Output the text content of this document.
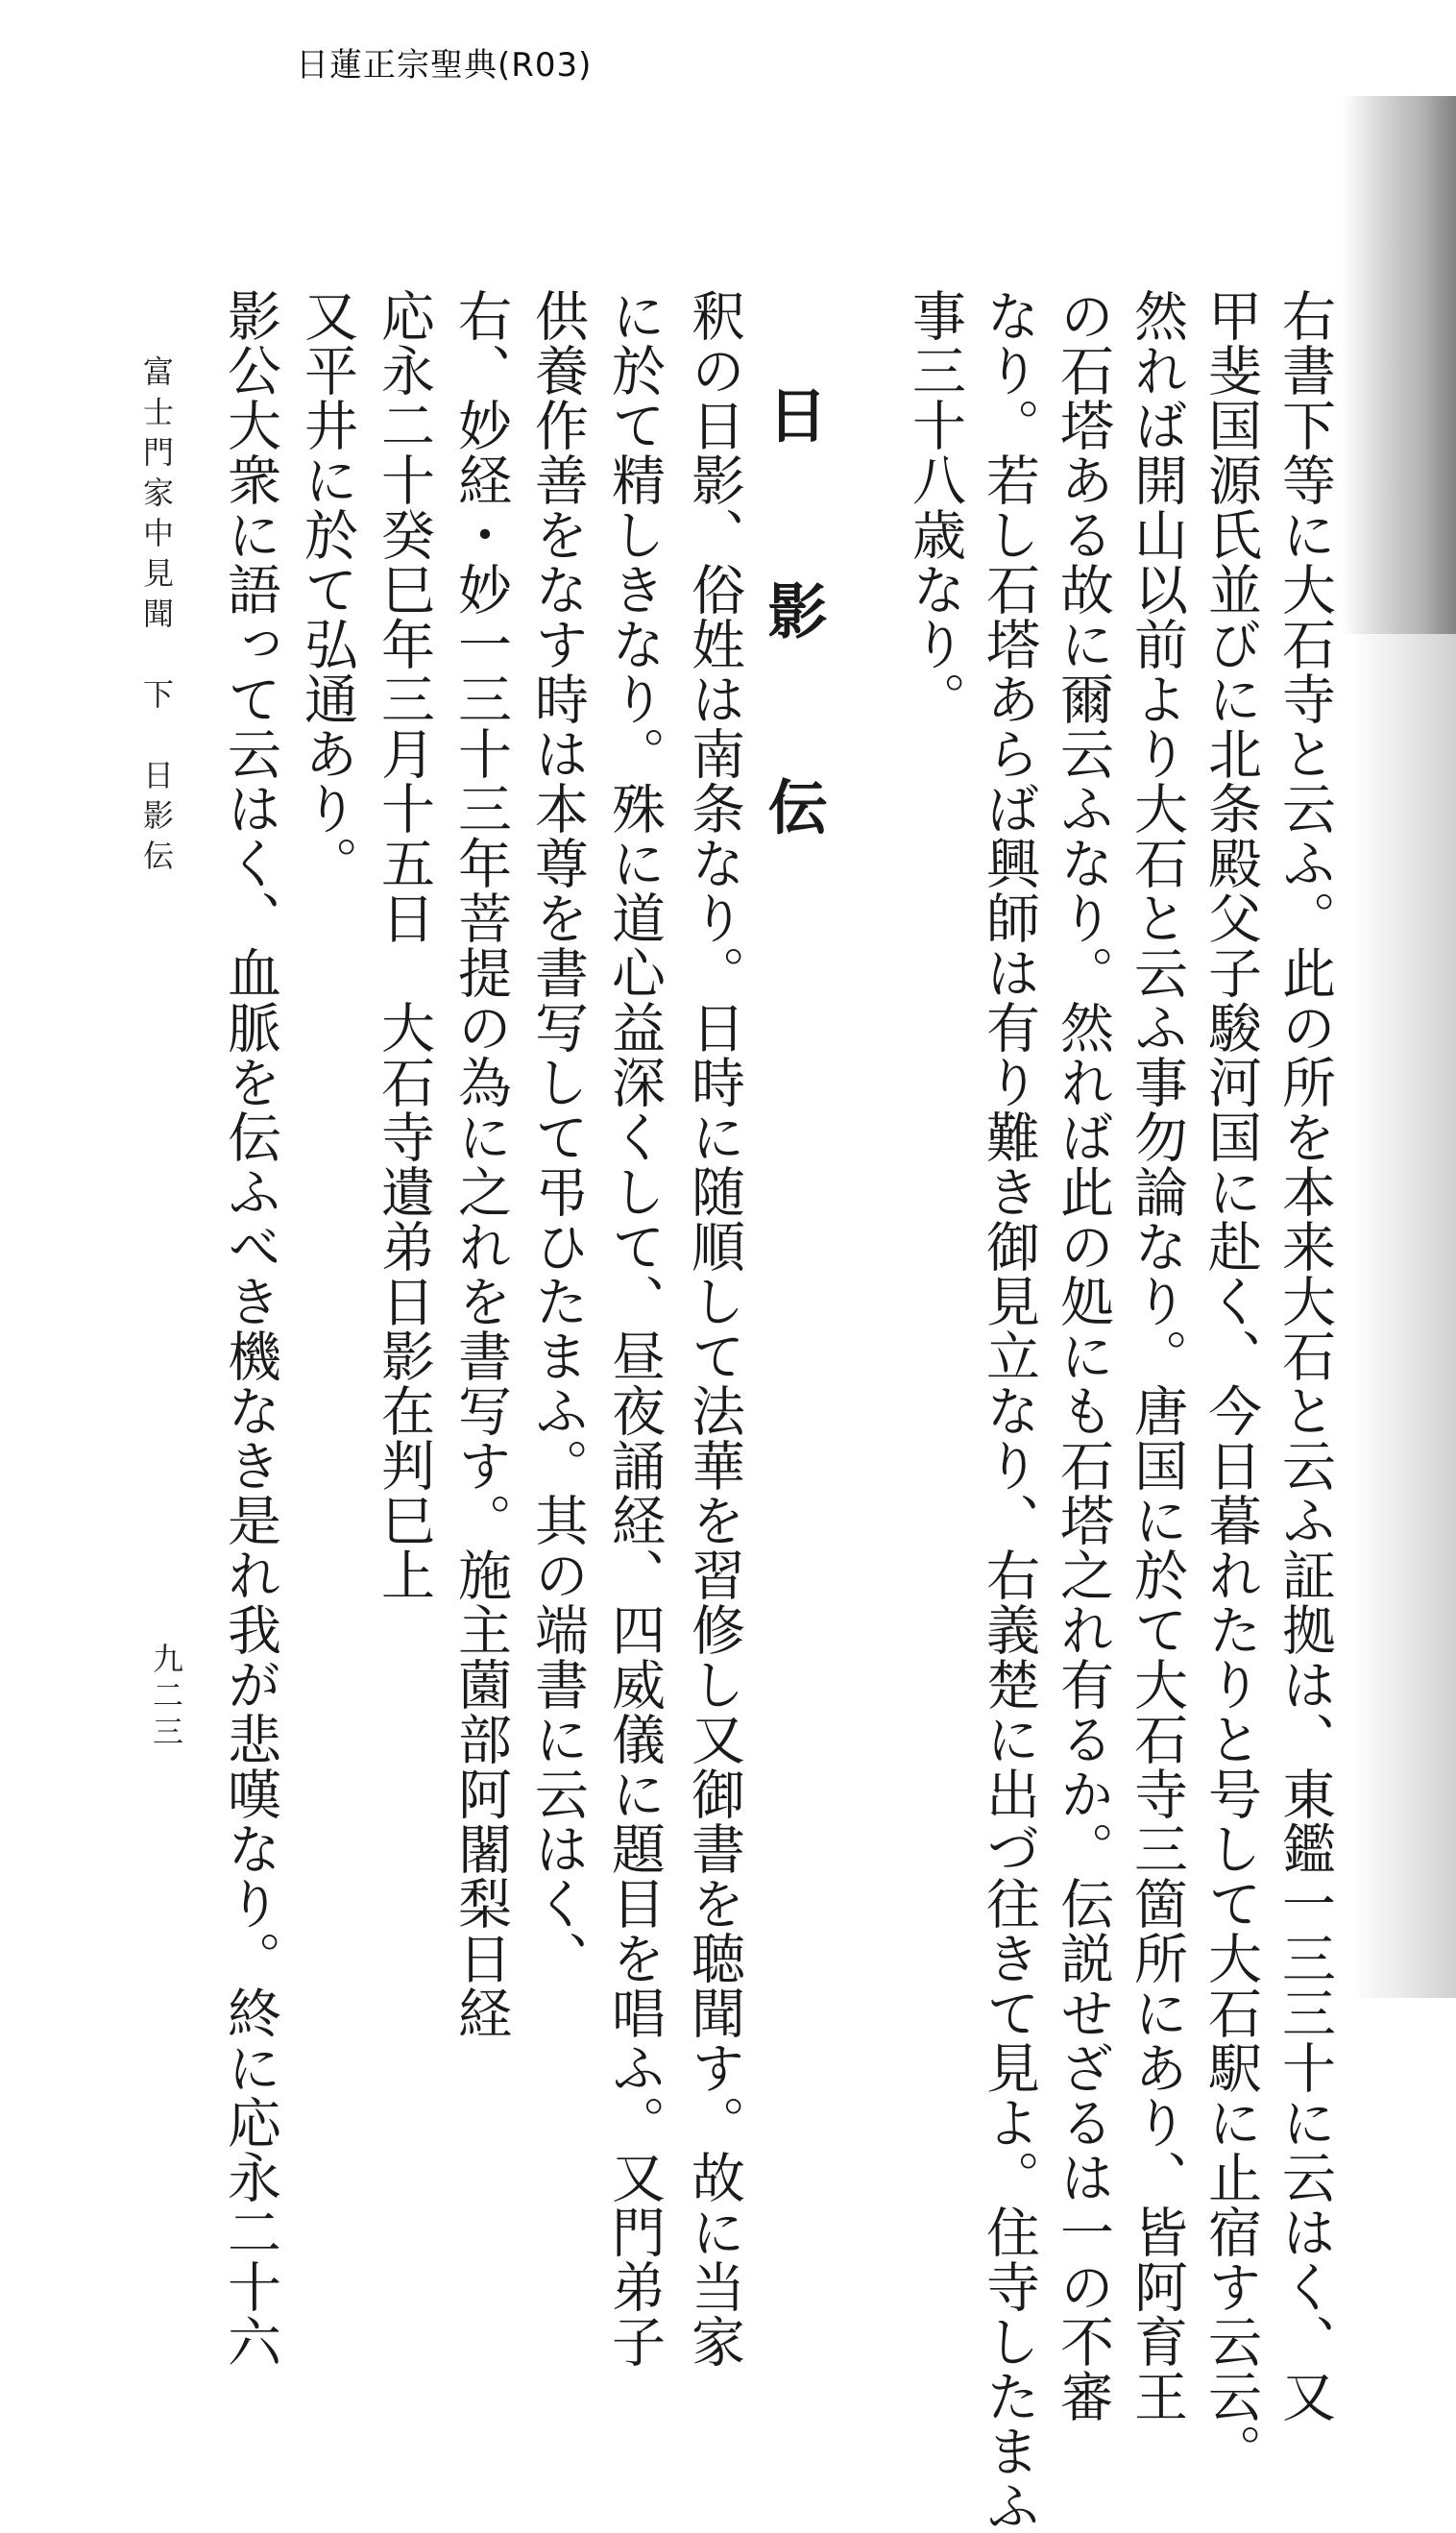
日蓮正宗聖典(R03)
右書下等に大石寺と云ふ。此の所を本来大石と云ふ証拠は、東鑑一三三十に云はく、又
甲斐国源氏並びに北条殿父子駿河国に赴く、今日暮れたりと号して大石駅に止宿す云云。
然れば開山以前より大石と云ふ事勿論なり。唐国に於て大石寺三箇所にあり、皆阿育王
の石塔ある故に爾云ふなり。然れば此の処にも石塔之れ有るか。伝説せざるは一の不審
なり。若し石塔あらば興師は有り難き御見立なり、右義楚に出づ往きて見よ。住寺したまふ
事三十八歳なり。
日　影　伝
釈の日影、俗姓は南条なり。日時に随順して法華を習修し又御書を聴聞す。故に当家
に於て精しきなり。殊に道心益深くして、昼夜誦経、四威儀に題目を唱ふ。又門弟子
供養作善をなす時は本尊を書写して弔ひたまふ。其の端書に云はく、
右、妙経・妙一三十三年菩提の為に之れを書写す。施主薗部阿闍梨日経
応永二十癸巳年三月十五日　大石寺遺弟日影在判巳上
又平井に於て弘通あり。
影公大衆に語って云はく、血脈を伝ふべき機なき是れ我が悲嘆なり。終に応永二十六
富士門家中見聞　下　日影伝
九二三
